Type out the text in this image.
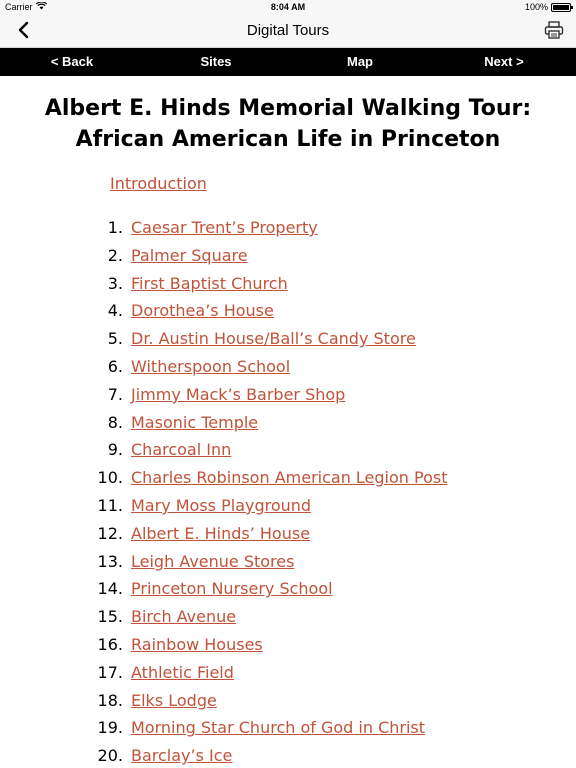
Carrier	8:04 AM	100%
Digital Tours
< Back	Sites	Map	Next >
Albert E. Hinds Memorial Walking Tour: African American Life in Princeton
Introduction
1. Caesar Trent’s Property
2. Palmer Square
3. First Baptist Church
4. Dorothea’s House
5. Dr. Austin House/Ball’s Candy Store
6. Witherspoon School
7. Jimmy Mack’s Barber Shop
8. Masonic Temple
9. Charcoal Inn
10. Charles Robinson American Legion Post
11. Mary Moss Playground
12. Albert E. Hinds’ House
13. Leigh Avenue Stores
14. Princeton Nursery School
15. Birch Avenue
16. Rainbow Houses
17. Athletic Field
18. Elks Lodge
19. Morning Star Church of God in Christ
20. Barclay’s Ice
